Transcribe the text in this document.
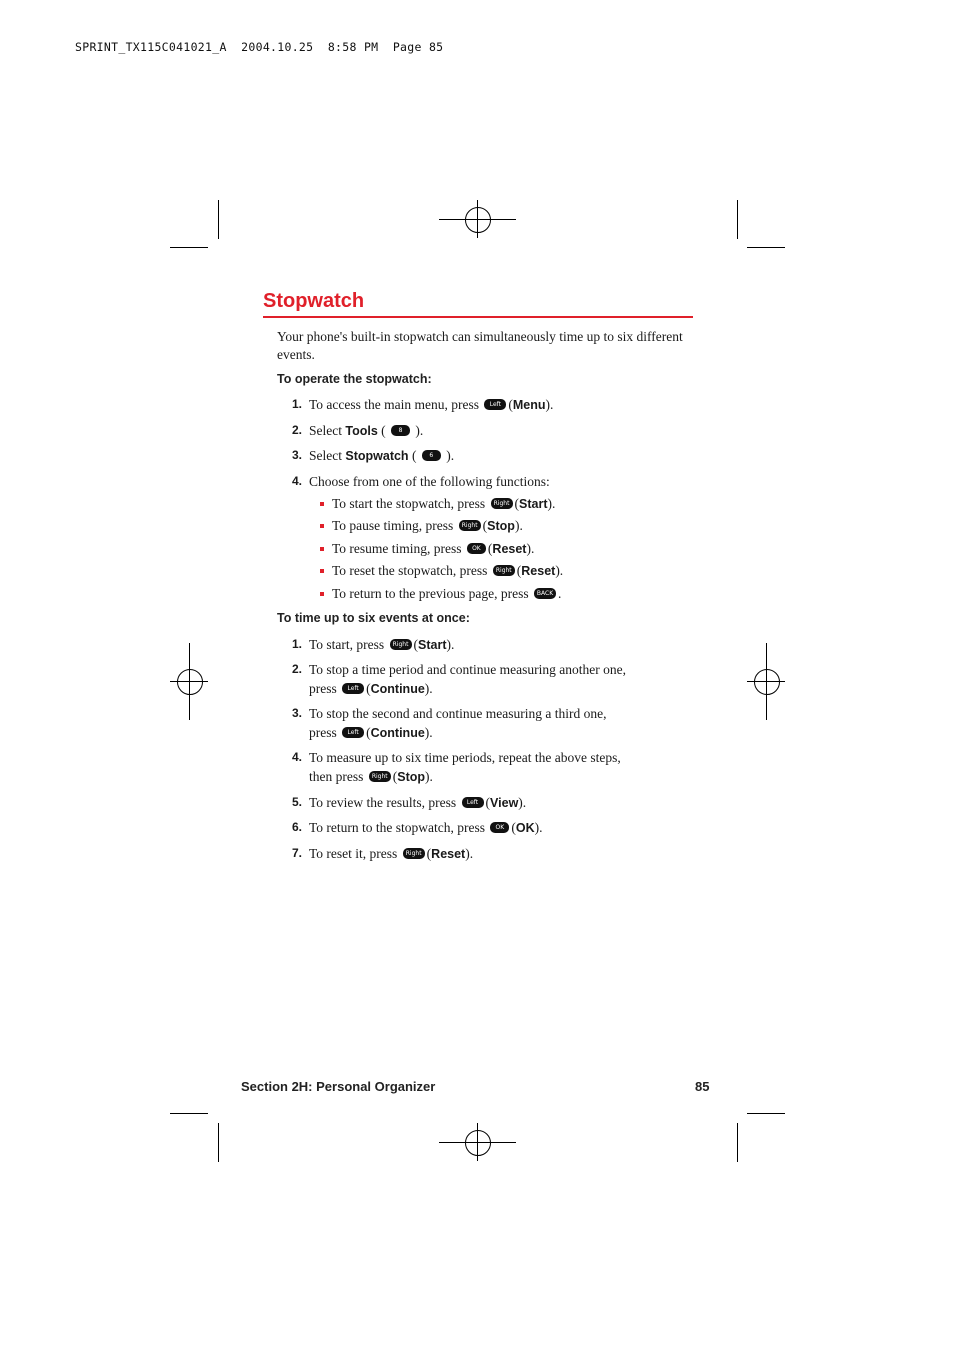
SPRINT_TX115C041021_A  2004.10.25  8:58 PM  Page 85
Stopwatch
Your phone's built-in stopwatch can simultaneously time up to six different events.
To operate the stopwatch:
1. To access the main menu, press Left (Menu).
2. Select Tools ( 8 ).
3. Select Stopwatch ( 6 ).
4. Choose from one of the following functions:
To start the stopwatch, press Right (Start).
To pause timing, press Right (Stop).
To resume timing, press OK (Reset).
To reset the stopwatch, press Right (Reset).
To return to the previous page, press BACK .
To time up to six events at once:
1. To start, press Right (Start).
2. To stop a time period and continue measuring another one,
press Left (Continue).
3. To stop the second and continue measuring a third one,
press Left (Continue).
4. To measure up to six time periods, repeat the above steps,
then press Right (Stop).
5. To review the results, press Left (View).
6. To return to the stopwatch, press OK (OK).
7. To reset it, press Right (Reset).
Section 2H: Personal Organizer	85
